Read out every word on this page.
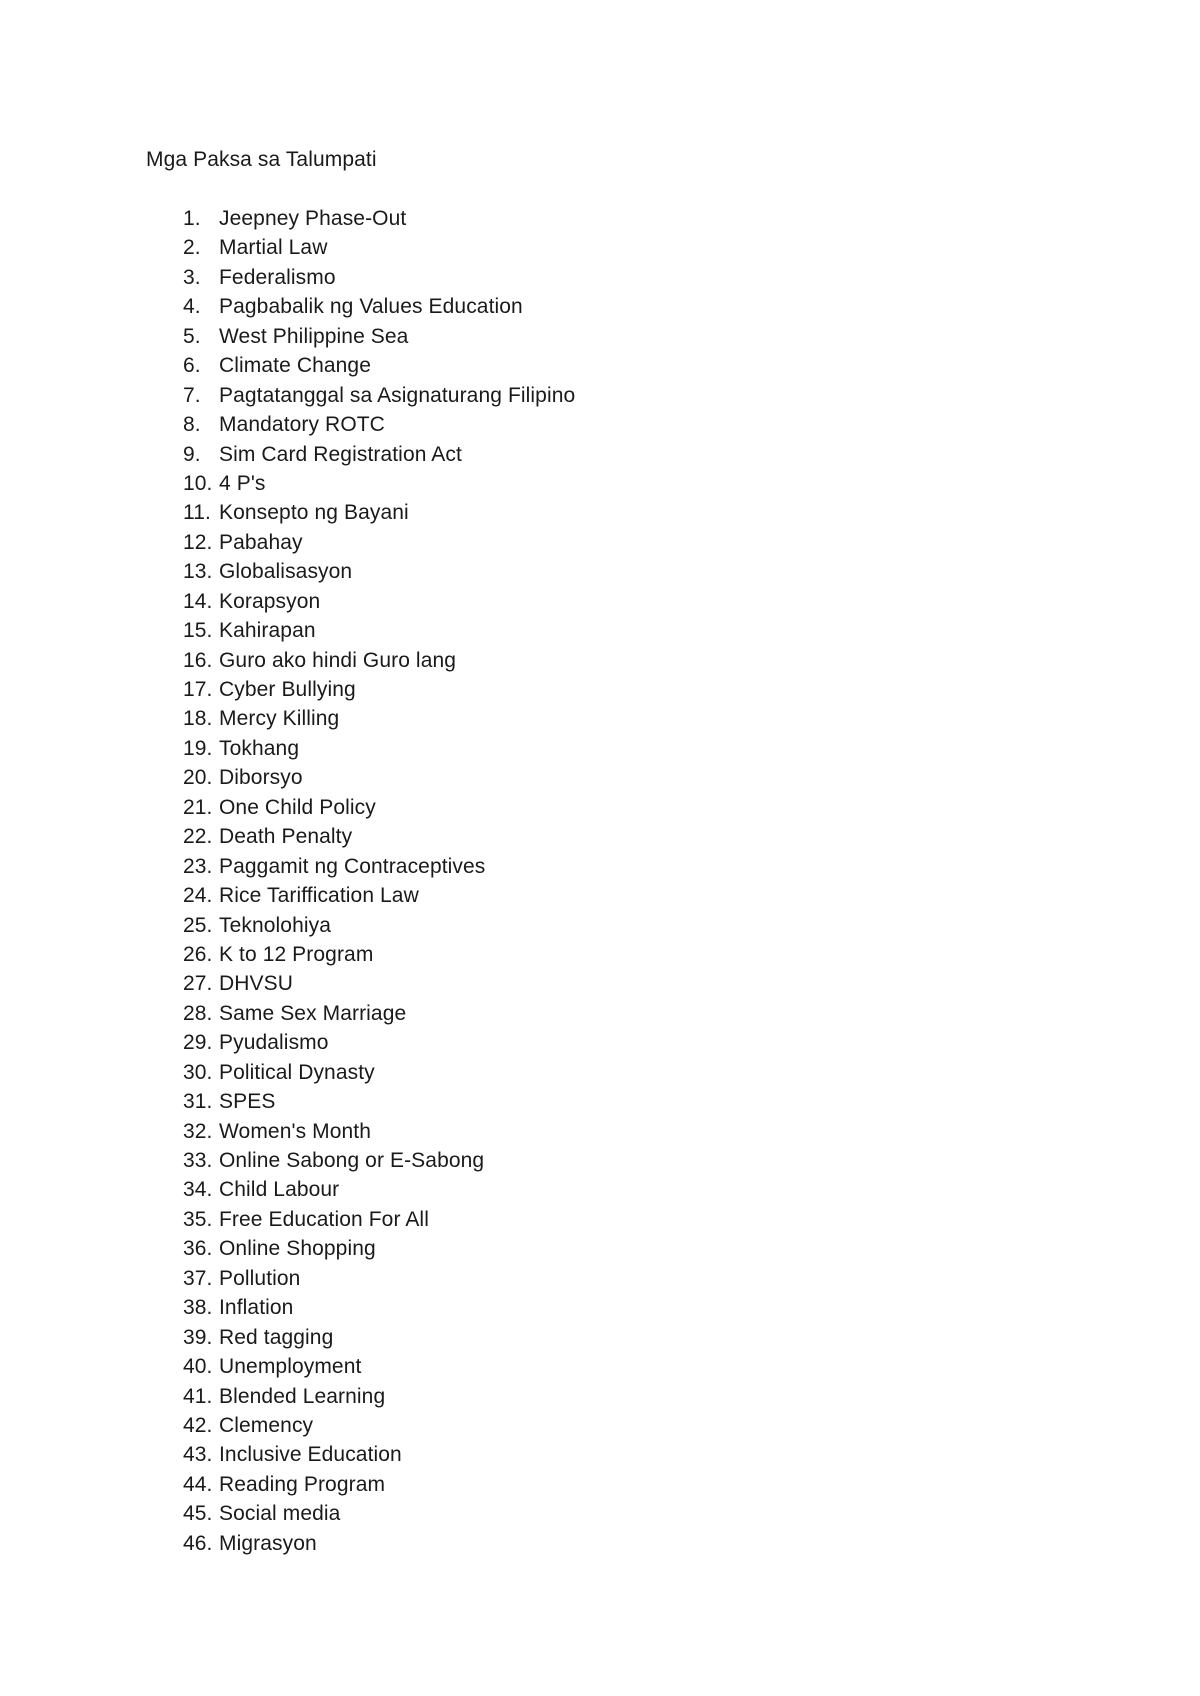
Mga Paksa sa Talumpati
1. Jeepney Phase-Out
2. Martial Law
3. Federalismo
4. Pagbabalik ng Values Education
5. West Philippine Sea
6. Climate Change
7. Pagtatanggal sa Asignaturang Filipino
8. Mandatory ROTC
9. Sim Card Registration Act
10. 4 P's
11. Konsepto ng Bayani
12. Pabahay
13. Globalisasyon
14. Korapsyon
15. Kahirapan
16. Guro ako hindi Guro lang
17. Cyber Bullying
18. Mercy Killing
19. Tokhang
20. Diborsyo
21. One Child Policy
22. Death Penalty
23. Paggamit ng Contraceptives
24. Rice Tariffication Law
25. Teknolohiya
26. K to 12 Program
27. DHVSU
28. Same Sex Marriage
29. Pyudalismo
30. Political Dynasty
31. SPES
32. Women's Month
33. Online Sabong or E-Sabong
34. Child Labour
35. Free Education For All
36. Online Shopping
37. Pollution
38. Inflation
39. Red tagging
40. Unemployment
41. Blended Learning
42. Clemency
43. Inclusive Education
44. Reading Program
45. Social media
46. Migrasyon
